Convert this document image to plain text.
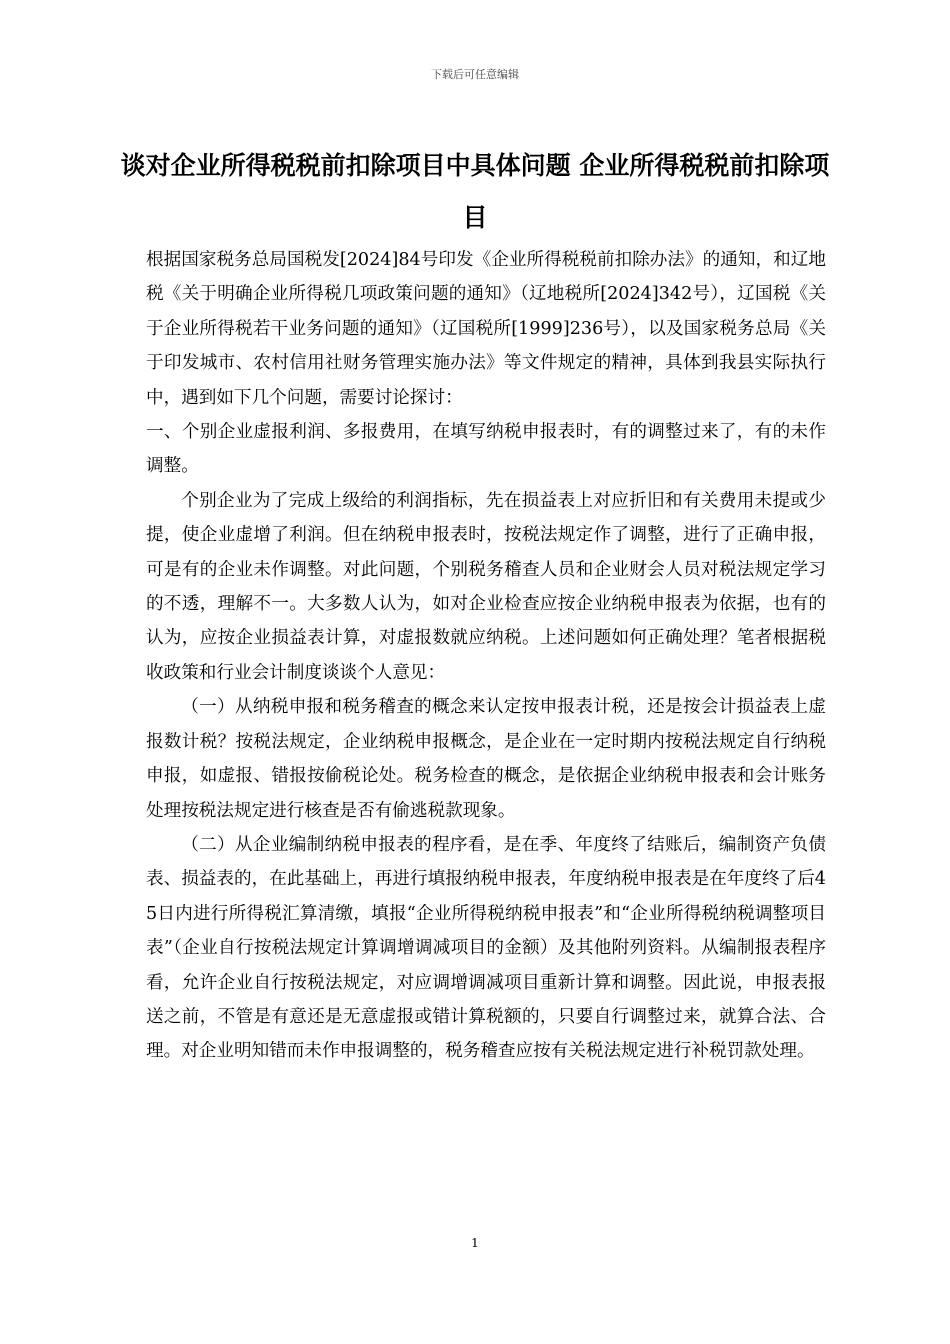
下载后可任意编辑
谈对企业所得税税前扣除项目中具体问题 企业所得税税前扣除项目

根据国家税务总局国税发[2024]84号印发《企业所得税税前扣除办法》的通知，和辽地税《关于明确企业所得税几项政策问题的通知》（辽地税所[2024]342号），辽国税《关于企业所得税若干业务问题的通知》（辽国税所[1999]236号），以及国家税务总局《关于印发城市、农村信用社财务管理实施办法》等文件规定的精神，具体到我县实际执行中，遇到如下几个问题，需要讨论探讨：

一、个别企业虚报利润、多报费用，在填写纳税申报表时，有的调整过来了，有的未作调整。

个别企业为了完成上级给的利润指标，先在损益表上对应折旧和有关费用未提或少提，使企业虚增了利润。但在纳税申报表时，按税法规定作了调整，进行了正确申报，可是有的企业未作调整。对此问题，个别税务稽查人员和企业财会人员对税法规定学习的不透，理解不一。大多数人认为，如对企业检查应按企业纳税申报表为依据，也有的认为，应按企业损益表计算，对虚报数就应纳税。上述问题如何正确处理？笔者根据税收政策和行业会计制度谈谈个人意见：

（一）从纳税申报和税务稽查的概念来认定按申报表计税，还是按会计损益表上虚报数计税？按税法规定，企业纳税申报概念，是企业在一定时期内按税法规定自行纳税申报，如虚报、错报按偷税论处。税务检查的概念，是依据企业纳税申报表和会计账务处理按税法规定进行核查是否有偷逃税款现象。

（二）从企业编制纳税申报表的程序看，是在季、年度终了结账后，编制资产负债表、损益表的，在此基础上，再进行填报纳税申报表，年度纳税申报表是在年度终了后45日内进行所得税汇算清缴，填报“企业所得税纳税申报表”和“企业所得税纳税调整项目表”（企业自行按税法规定计算调增调减项目的金额）及其他附列资料。从编制报表程序看，允许企业自行按税法规定，对应调增调减项目重新计算和调整。因此说，申报表报送之前，不管是有意还是无意虚报或错计算税额的，只要自行调整过来，就算合法、合理。对企业明知错而未作申报调整的，税务稽查应按有关税法规定进行补税罚款处理。

1
